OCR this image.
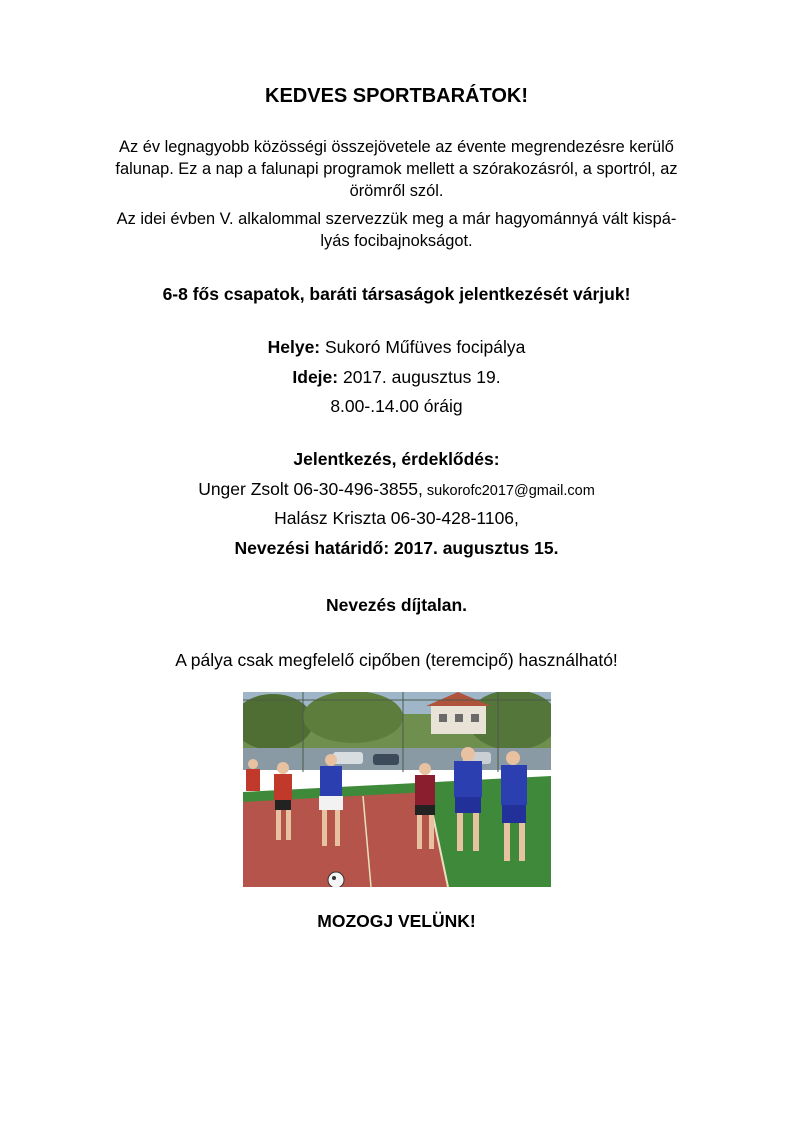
KEDVES SPORTBARÁTOK!
Az év legnagyobb közösségi összejövetele az évente megrendezésre kerülő
falunap. Ez a nap a falunapi programok mellett a szórakozásról, a sportról, az
örömről szól.
Az idei évben V. alkalommal szervezzük meg a már hagyománnyá vált kispá-
lyás focibajnokságot.
6-8 fős csapatok, baráti társaságok jelentkezését várjuk!
Helye: Sukoró Műfüves focipálya
Ideje: 2017. augusztus 19.
8.00-.14.00 óráig
Jelentkezés, érdeklődés:
Unger Zsolt 06-30-496-3855, sukorofc2017@gmail.com
Halász Kriszta 06-30-428-1106,
Nevezési határidő: 2017. augusztus 15.
Nevezés díjtalan.
A pálya csak megfelelő cipőben (teremcipő) használható!
MOZOGJ VELÜNK!
